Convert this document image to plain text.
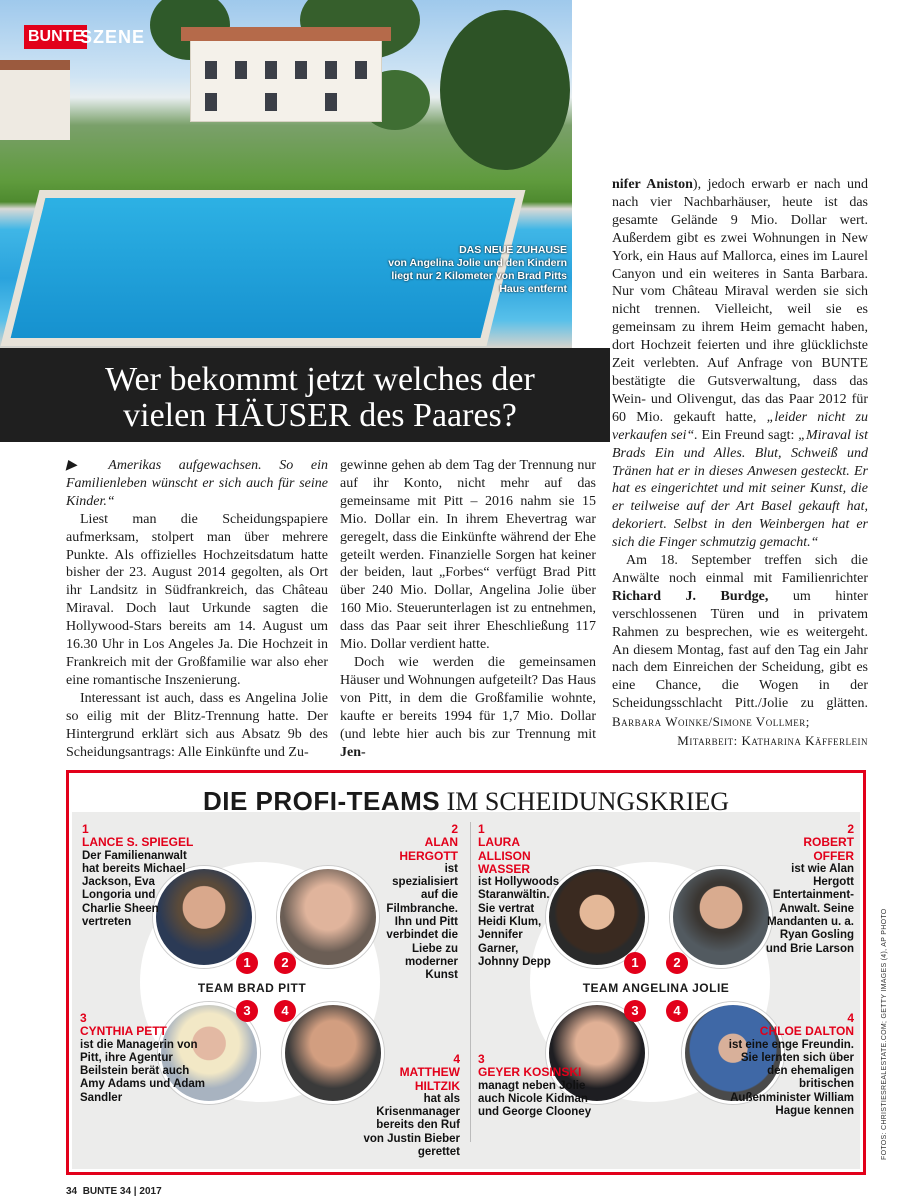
BUNTE
SZENE
DAS NEUE ZUHAUSE
von Angelina Jolie und den Kindern liegt nur 2 Kilometer von Brad Pitts Haus entfernt
Wer bekommt jetzt welches der vielen HÄUSER des Paares?

▶ Amerikas aufgewachsen. So ein Familienleben wünscht er sich auch für seine Kinder.“

Liest man die Scheidungspapiere aufmerksam, stolpert man über mehrere Punkte. Als offizielles Hochzeitsdatum hatte bisher der 23. August 2014 gegolten, als Ort ihr Landsitz in Südfrankreich, das Château Miraval. Doch laut Urkunde sagten die Hollywood-Stars bereits am 14. August um 16.30 Uhr in Los Angeles Ja. Die Hochzeit in Frankreich mit der Großfamilie war also eher eine romantische Inszenierung.

Interessant ist auch, dass es Angelina Jolie so eilig mit der Blitz-Trennung hatte. Der Hintergrund erklärt sich aus Absatz 9b des Scheidungsantrags: Alle Einkünfte und Zu-

gewinne gehen ab dem Tag der Trennung nur auf ihr Konto, nicht mehr auf das gemeinsame mit Pitt – 2016 nahm sie 15 Mio. Dollar ein. In ihrem Ehevertrag war geregelt, dass die Einkünfte während der Ehe geteilt werden. Finanzielle Sorgen hat keiner der beiden, laut „Forbes“ verfügt Brad Pitt über 240 Mio. Dollar, Angelina Jolie über 160 Mio. Steuerunterlagen ist zu entnehmen, dass das Paar seit ihrer Eheschließung 117 Mio. Dollar verdient hatte.

Doch wie werden die gemeinsamen Häuser und Wohnungen aufgeteilt? Das Haus von Pitt, in dem die Großfamilie wohnte, kaufte er bereits 1994 für 1,7 Mio. Dollar (und lebte hier auch bis zur Trennung mit Jen-

nifer Aniston), jedoch erwarb er nach und nach vier Nachbarhäuser, heute ist das gesamte Gelände 9 Mio. Dollar wert. Außerdem gibt es zwei Wohnungen in New York, ein Haus auf Mallorca, eines im Laurel Canyon und ein weiteres in Santa Barbara. Nur vom Château Miraval werden sie sich nicht trennen. Vielleicht, weil sie es gemeinsam zu ihrem Heim gemacht haben, dort Hochzeit feierten und ihre glücklichste Zeit verlebten. Auf Anfrage von BUNTE bestätigte die Gutsverwaltung, dass das Wein- und Olivengut, das das Paar 2012 für 60 Mio. gekauft hatte, „leider nicht zu verkaufen sei“. Ein Freund sagt: „Miraval ist Brads Ein und Alles. Blut, Schweiß und Tränen hat er in dieses Anwesen gesteckt. Er hat es eingerichtet und mit seiner Kunst, die er teilweise auf der Art Basel gekauft hat, dekoriert. Selbst in den Weinbergen hat er sich die Finger schmutzig gemacht.“

Am 18. September treffen sich die Anwälte noch einmal mit Familienrichter Richard J. Burdge, um hinter verschlossenen Türen und in privatem Rahmen zu besprechen, wie es weitergeht. An diesem Montag, fast auf den Tag ein Jahr nach dem Einreichen der Scheidung, gibt es eine Chance, die Wogen in der Scheidungsschlacht Pitt./Jolie zu glätten. Barbara Woinke/Simone Vollmer;

Mitarbeit: Katharina Käfferlein

DIE PROFI-TEAMS IM SCHEIDUNGSKRIEG
1	2
3	4
1	2
3	4
TEAM BRAD PITT	TEAM ANGELINA JOLIE
1
LANCE S. SPIEGEL
Der Familienanwalt hat bereits Michael Jackson, Eva Longoria und Charlie Sheen vertreten
2
ALAN HERGOTT
ist spezialisiert auf die Filmbranche. Ihn und Pitt verbindet die Liebe zu moderner Kunst
3
CYNTHIA PETT
ist die Managerin von Pitt, ihre Agentur Beilstein berät auch Amy Adams und Adam Sandler
4
MATTHEW HILTZIK
hat als Krisenmanager bereits den Ruf von Justin Bieber gerettet
1
LAURA ALLISON WASSER
ist Hollywoods Staranwältin. Sie vertrat Heidi Klum, Jennifer Garner, Johnny Depp
2
ROBERT OFFER
ist wie Alan Hergott Entertainment-Anwalt. Seine Mandanten u. a. Ryan Gosling und Brie Larson
3
GEYER KOSINSKI
managt neben Jolie auch Nicole Kidman und George Clooney
4
CHLOE DALTON
ist eine enge Freundin. Sie lernten sich über den ehemaligen britischen Außenminister William Hague kennen	FOTOS: CHRISTIESREALESTATE.COM; GETTY IMAGES (4), AP PHOTO
34 BUNTE 34 | 2017
